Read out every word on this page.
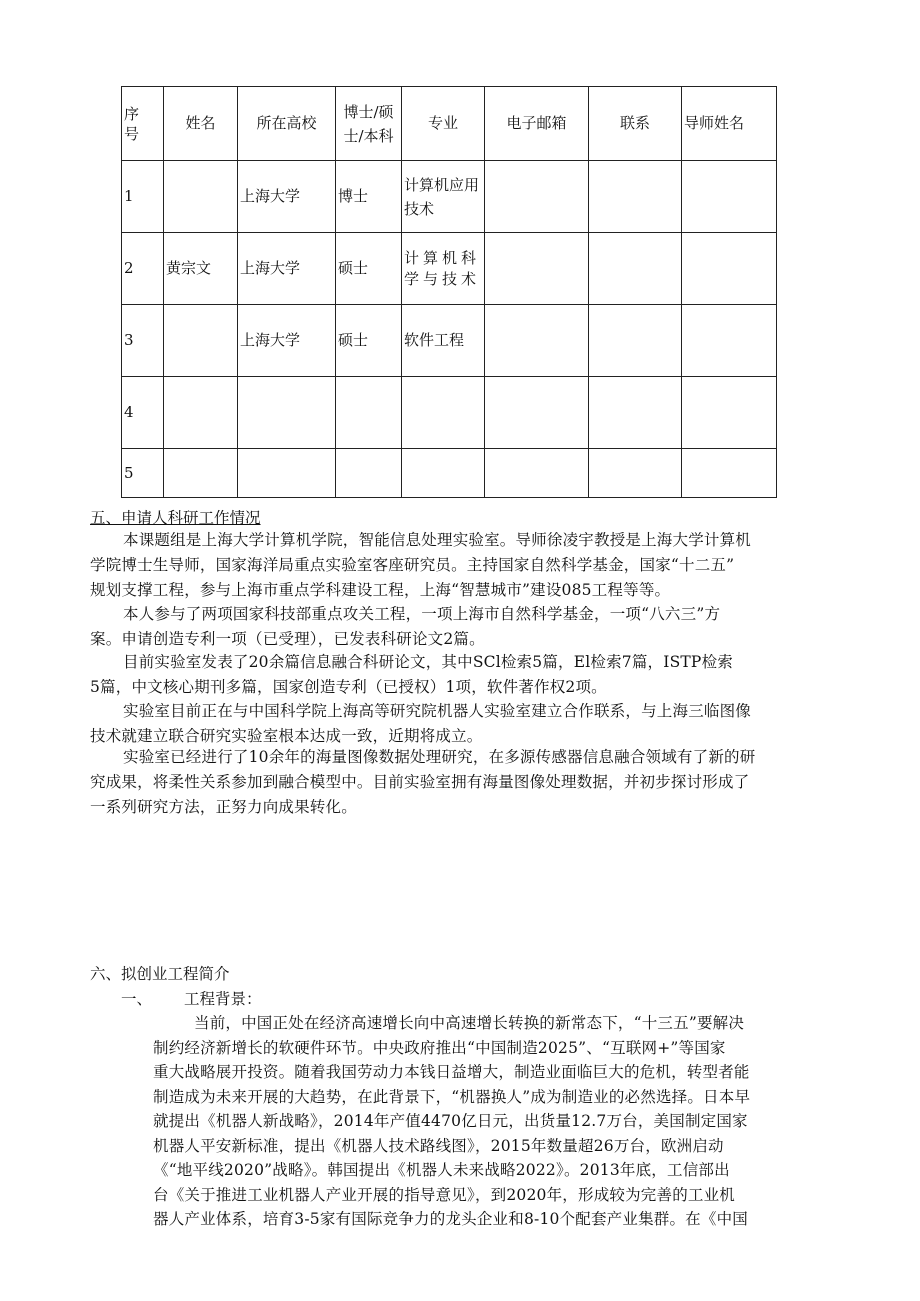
序号	姓名	所在高校	博士/硕士/本科	专业	电子邮箱	联系	导师姓名
1		上海大学	博士	计算机应用技术			

2	黄宗文	上海大学	硕士	计算机科学与技术			

3		上海大学	硕士	软件工程			
4							
5							
五、申请人科研工作情况
本课题组是上海大学计算机学院，智能信息处理实验室。导师徐凌宇教授是上海大学计算机
学院博士生导师，国家海洋局重点实验室客座研究员。主持国家自然科学基金，国家“十二五”
规划支撑工程，参与上海市重点学科建设工程，上海“智慧城市”建设085工程等等。
本人参与了两项国家科技部重点攻关工程，一项上海市自然科学基金，一项“八六三”方
案。申请创造专利一项（已受理），已发表科研论文2篇。
目前实验室发表了20余篇信息融合科研论文，其中SCl检索5篇，El检索7篇，ISTP检索
5篇，中文核心期刊多篇，国家创造专利（已授权）1项，软件著作权2项。
实验室目前正在与中国科学院上海高等研究院机器人实验室建立合作联系，与上海三临图像
技术就建立联合研究实验室根本达成一致，近期将成立。
实验室已经进行了10余年的海量图像数据处理研究，在多源传感器信息融合领域有了新的研
究成果，将柔性关系参加到融合模型中。目前实验室拥有海量图像处理数据，并初步探讨形成了
一系列研究方法，正努力向成果转化。
六、拟创业工程简介
一、 工程背景：
当前，中国正处在经济高速增长向中高速增长转换的新常态下，“十三五”要解决
制约经济新增长的软硬件环节。中央政府推出“中国制造2025”、“互联网+”等国家
重大战略展开投资。随着我国劳动力本钱日益增大，制造业面临巨大的危机，转型者能
制造成为未来开展的大趋势，在此背景下，“机器换人”成为制造业的必然选择。日本早
就提出《机器人新战略》，2014年产值4470亿日元，出货量12.7万台，美国制定国家
机器人平安新标准，提出《机器人技术路线图》，2015年数量超26万台，欧洲启动
《“地平线2020”战略》。韩国提出《机器人未来战略2022》。2013年底，工信部出
台《关于推进工业机器人产业开展的指导意见》，到2020年，形成较为完善的工业机
器人产业体系，培育3-5家有国际竞争力的龙头企业和8-10个配套产业集群。在《中国
